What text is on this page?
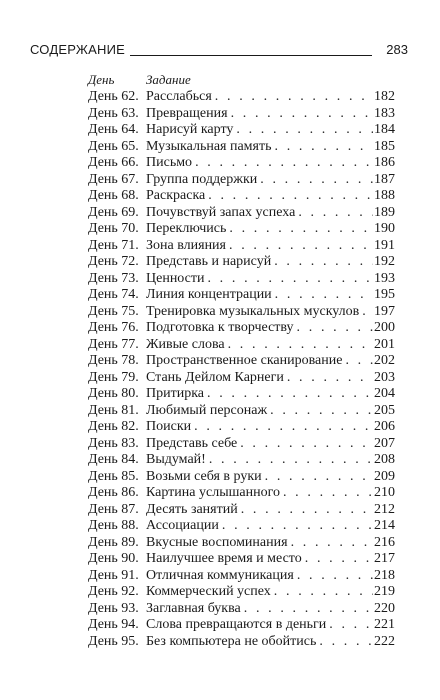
СОДЕРЖАНИЕ	283
День Задание
День 62. Расслабься . . .	182
День 63. Превращения . . .	183
День 64. Нарисуй карту . . .	184
День 65. Музыкальная память . . .	185
День 66. Письмо . . .	186
День 67. Группа поддержки . . .	187
День 68. Раскраска . . .	188
День 69. Почувствуй запах успеха . . .	189
День 70. Переключись . . .	190
День 71. Зона влияния . . .	191
День 72. Представь и нарисуй . . .	192
День 73. Ценности . . .	193
День 74. Линия концентрации . . .	195
День 75. Тренировка музыкальных мускулов . . . 197
День 76. Подготовка к творчеству . . .	200
День 77. Живые слова . . .	201
День 78. Пространственное сканирование . . . 202
День 79. Стань Дейлом Карнеги . . .	203
День 80. Притирка . . .	204
День 81. Любимый персонаж . . .	205
День 82. Поиски . . .	206
День 83. Представь себе . . .	207
День 84. Выдумай! . . .	208
День 85. Возьми себя в руки . . .	209
День 86. Картина услышанного . . .	210
День 87. Десять занятий . . .	212
День 88. Ассоциации . . .	214
День 89. Вкусные воспоминания . . .	216
День 90. Наилучшее время и место . . .	217
День 91. Отличная коммуникация . . .	218
День 92. Коммерческий успех . . .	219
День 93. Заглавная буква . . .	220
День 94. Слова превращаются в деньги . . .	221
День 95. Без компьютера не обойтись . . .	222
